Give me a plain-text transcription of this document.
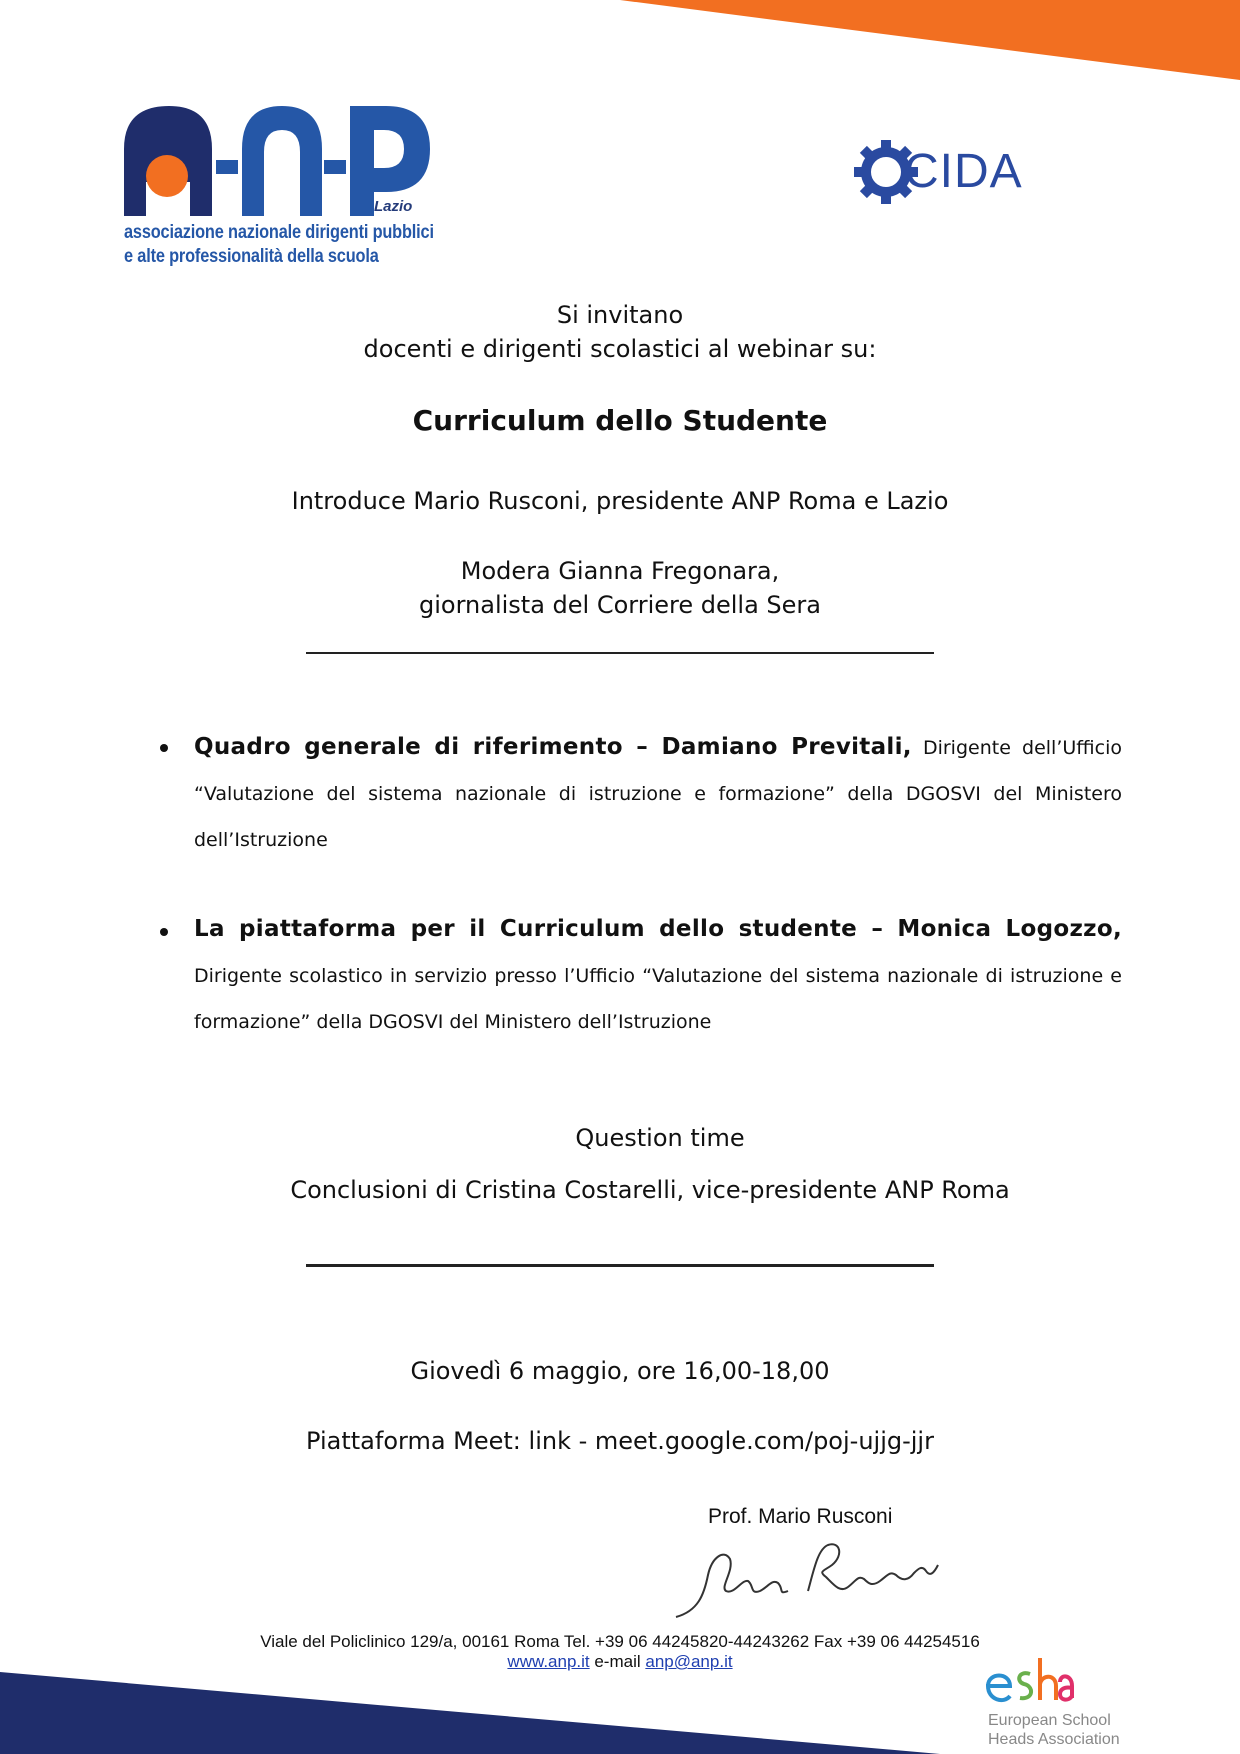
Lazio
associazione nazionale dirigenti pubblici
e alte professionalità della scuola
CIDA
Si invitano
docenti e dirigenti scolastici al webinar su:
Curriculum dello Studente
Introduce Mario Rusconi, presidente ANP Roma e Lazio
Modera Gianna Fregonara,
giornalista del Corriere della Sera
Quadro generale di riferimento – Damiano Previtali, Dirigente dell’Ufficio “Valutazione del sistema nazionale di istruzione e formazione” della DGOSVI del Ministero dell’Istruzione
La piattaforma per il Curriculum dello studente – Monica Logozzo, Dirigente scolastico in servizio presso l’Ufficio “Valutazione del sistema nazionale di istruzione e formazione” della DGOSVI del Ministero dell’Istruzione
Question time
Conclusioni di Cristina Costarelli, vice-presidente ANP Roma
Giovedì 6 maggio, ore 16,00-18,00
Piattaforma Meet: link - meet.google.com/poj-ujjg-jjr
Prof. Mario Rusconi
Viale del Policlinico 129/a, 00161 Roma Tel. +39 06 44245820-44243262 Fax +39 06 44254516
www.anp.it e-mail anp@anp.it
European School
Heads Association
